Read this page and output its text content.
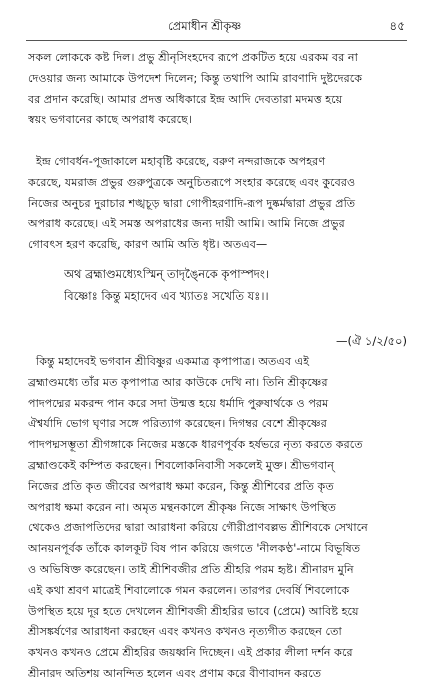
প্রেমাধীন শ্রীকৃষ্ণ	৪৫
সকল লোককে কষ্ট দিল। প্রভু শ্রীনৃসিংহদেব রূপে প্রকটিত হয়ে এরকম বর না
দেওয়ার জন্য আমাকে উপদেশ দিলেন; কিন্তু তথাপি আমি রাবণাদি দুষ্টদেরকে
বর প্রদান করেছি। আমার প্রদত্ত অধিকারে ইন্দ্র আদি দেবতারা মদমত্ত হয়ে
স্বয়ং ভগবানের কাছে অপরাধ করেছে।
ইন্দ্র গোবর্ধন-পূজাকালে মহাবৃষ্টি করেছে, বরুণ নন্দরাজকে অপহরণ
করেছে, যমরাজ প্রভুর গুরুপুত্রকে অনুচিতরূপে সংহার করেছে এবং কুবেরও
নিজের অনুচর দুরাচার শঙ্খচূড় দ্বারা গোপীহরণাদি-রূপ দুষ্কর্মদ্বারা প্রভুর প্রতি
অপরাধ করেছে। এই সমস্ত অপরাধের জন্য দায়ী আমি। আমি নিজে প্রভুর
গোবৎস হরণ করেছি, কারণ আমি অতি ধৃষ্ট। অতএব—
অথ ব্রহ্মাণ্ডমধ্যেঽস্মিন্ তাদৃঙ্নৈকে কৃপাস্পদং।
বিষ্ণোঃ কিন্তু মহাদেব এব খ্যাতঃ সখেতি যঃ।।
—(ঐ ১/২/৫০)
কিন্তু মহাদেবই ভগবান শ্রীবিষ্ণুর একমাত্র কৃপাপাত্র। অতএব এই
ব্রহ্মাণ্ডমধ্যে তাঁর মত কৃপাপাত্র আর কাউকে দেখি না। তিনি শ্রীকৃষ্ণের
পাদপদ্মের মকরন্দ পান করে সদা উন্মত্ত হয়ে ধর্মাদি পুরুষার্থকে ও পরম
ঐশ্বর্যাদি ভোগ ঘৃণার সঙ্গে পরিত্যাগ করেছেন। দিগম্বর বেশে শ্রীকৃষ্ণের
পাদপদ্মসম্ভূতা শ্রীগঙ্গাকে নিজের মস্তকে ধারণপূর্বক হর্ষভরে নৃত্য করতে করতে
ব্রহ্মাণ্ডকেই কম্পিত করছেন। শিবলোকনিবাসী সকলেই মুক্ত। শ্রীভগবান্
নিজের প্রতি কৃত জীবের অপরাধ ক্ষমা করেন, কিন্তু শ্রীশিবের প্রতি কৃত
অপরাধ ক্ষমা করেন না। অমৃত মন্থনকালে শ্রীকৃষ্ণ নিজে সাক্ষাৎ উপস্থিত
থেকেও প্রজাপতিদের দ্বারা আরাধনা করিয়ে গৌরীপ্রাণবল্লভ শ্রীশিবকে সেখানে
আনয়নপূর্বক তাঁকে কালকূট বিষ পান করিয়ে জগতে 'নীলকণ্ঠ'-নামে বিভূষিত
ও অভিষিক্ত করেছেন। তাই শ্রীশিবজীর প্রতি শ্রীহরি পরম হৃষ্ট। শ্রীনারদ মুনি
এই কথা শ্রবণ মাত্রেই শিবালোকে গমন করলেন। তারপর দেবর্ষি শিবলোকে
উপস্থিত হয়ে দূর হতে দেখলেন শ্রীশিবজী শ্রীহরির ভাবে (প্রেমে) আবিষ্ট হয়ে
শ্রীসঙ্কর্ষণের আরাধনা করছেন এবং কখনও কখনও নৃত্যগীত করছেন তো
কখনও কখনও প্রেমে শ্রীহরির জয়ধ্বনি দিচ্ছেন। এই প্রকার লীলা দর্শন করে
শ্রীনারদ অতিশয় আনন্দিত হলেন এবং প্রণাম করে বীণাবাদন করতে
